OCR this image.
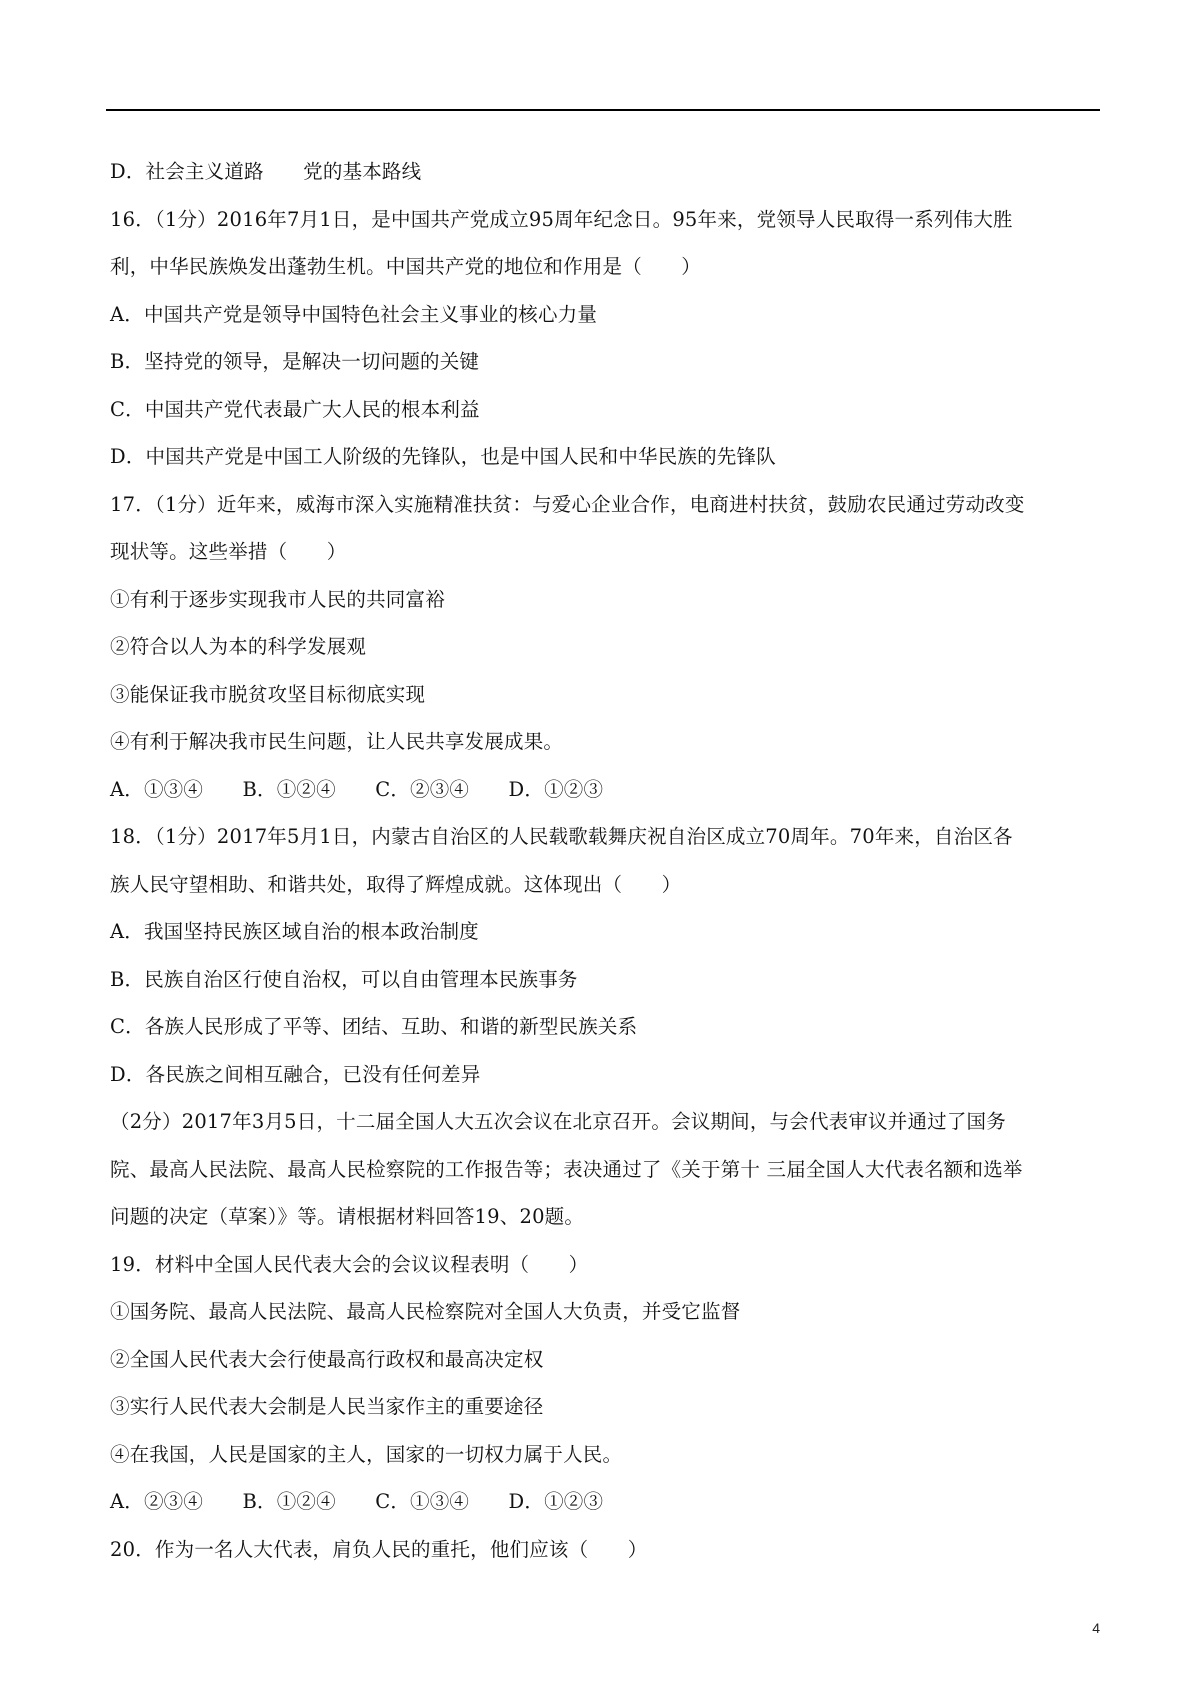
D．社会主义道路　　党的基本路线
16．（1分）2016年7月1日，是中国共产党成立95周年纪念日。95年来，党领导人民取得一系列伟大胜
利，中华民族焕发出蓬勃生机。中国共产党的地位和作用是（　　）
A．中国共产党是领导中国特色社会主义事业的核心力量
B．坚持党的领导，是解决一切问题的关键
C．中国共产党代表最广大人民的根本利益
D．中国共产党是中国工人阶级的先锋队，也是中国人民和中华民族的先锋队
17．（1分）近年来，威海市深入实施精准扶贫：与爱心企业合作，电商进村扶贫，鼓励农民通过劳动改变
现状等。这些举措（　　）
①有利于逐步实现我市人民的共同富裕
②符合以人为本的科学发展观
③能保证我市脱贫攻坚目标彻底实现
④有利于解决我市民生问题，让人民共享发展成果。
A．①③④　　B．①②④　　C．②③④　　D．①②③
18．（1分）2017年5月1日，内蒙古自治区的人民载歌载舞庆祝自治区成立70周年。70年来，自治区各
族人民守望相助、和谐共处，取得了辉煌成就。这体现出（　　）
A．我国坚持民族区域自治的根本政治制度
B．民族自治区行使自治权，可以自由管理本民族事务
C．各族人民形成了平等、团结、互助、和谐的新型民族关系
D．各民族之间相互融合，已没有任何差异
（2分）2017年3月5日，十二届全国人大五次会议在北京召开。会议期间，与会代表审议并通过了国务
院、最高人民法院、最高人民检察院的工作报告等；表决通过了《关于第十 三届全国人大代表名额和选举
问题的决定（草案）》等。请根据材料回答19、20题。
19．材料中全国人民代表大会的会议议程表明（　　）
①国务院、最高人民法院、最高人民检察院对全国人大负责，并受它监督
②全国人民代表大会行使最高行政权和最高决定权
③实行人民代表大会制是人民当家作主的重要途径
④在我国，人民是国家的主人，国家的一切权力属于人民。
A．②③④　　B．①②④　　C．①③④　　D．①②③
20．作为一名人大代表，肩负人民的重托，他们应该（　　）
4
